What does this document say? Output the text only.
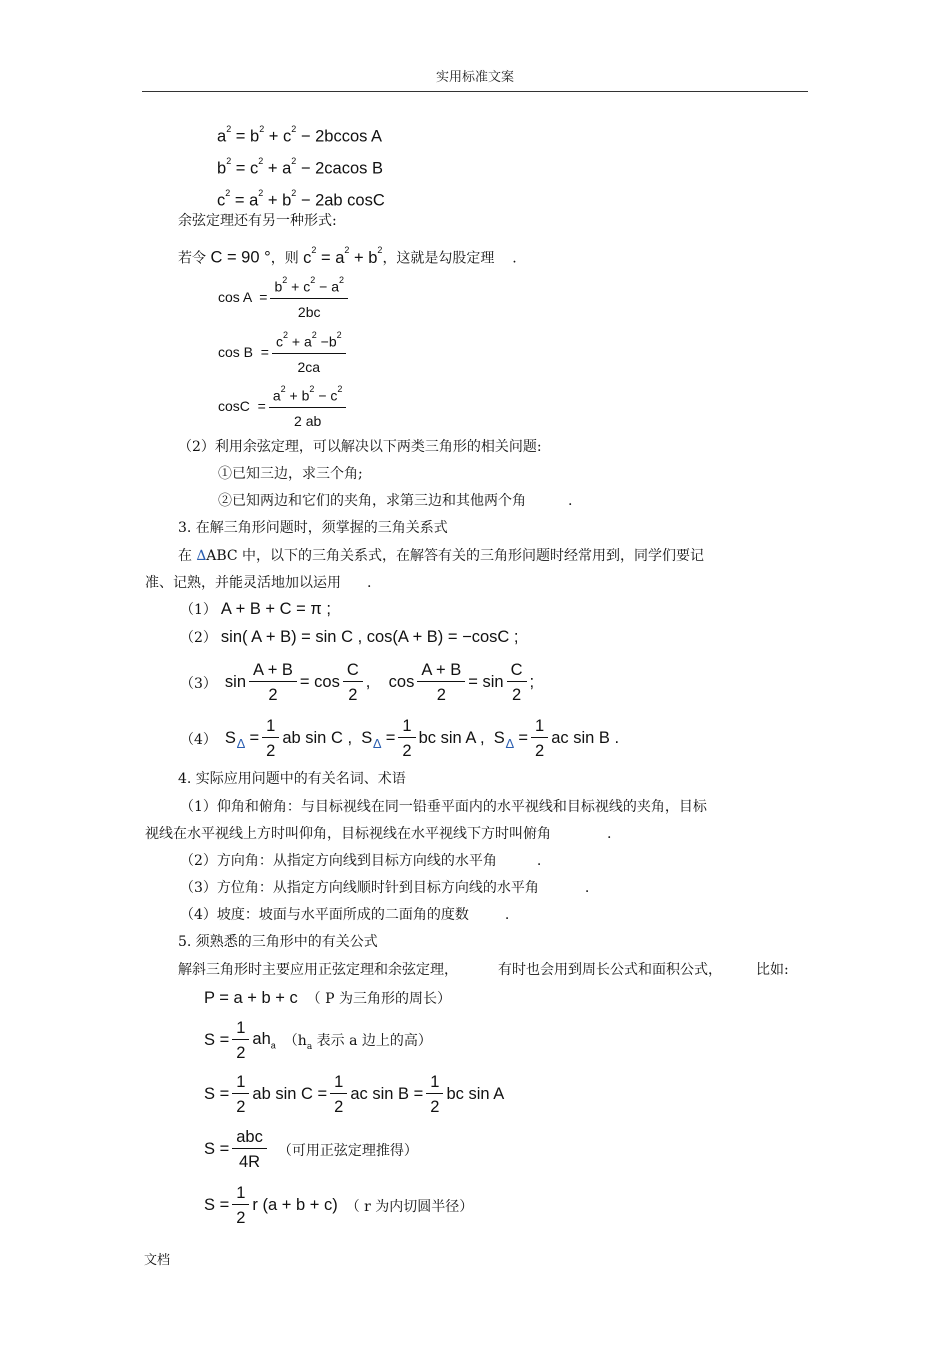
实用标准文案
$a^2 = b^2 + c^2 - 2bccos$ A
$b^2 = c^2 + a^2 - 2cacos$ B
$c^2 = a^2 + b^2 - 2ab$ cosC
余弦定理还有另一种形式:
若令 C = 90 °，则 $c^2 = a^2 + b^2$，这就是勾股定理 .
$\cos A = \frac{b^2 + c^2 - a^2}{2bc}$
$\cos B = \frac{c^2 + a^2 -b^2}{2ca}$
$\cos C = \frac{a^2 + b^2 - c^2}{2 ab}$
（2）利用余弦定理，可以解决以下两类三角形的相关问题:
①已知三边，求三个角;
②已知两边和它们的夹角，求第三边和其他两个角	.
3. 在解三角形问题时，须掌握的三角关系式
在 ∆ABC 中，以下的三角关系式，在解答有关的三角形问题时经常用到，同学们要记
准、记熟，并能灵活地加以运用 .
（1） A + B + C = π ;
（2） sin( A + B) = sin C , cos(A + B) = −cosC ;
（3） $\sin \frac{A + B}{2} = \cos \frac{C}{2}$ ,    $\cos \frac{A + B}{2} = \sin \frac{C}{2}$ ;
（4） $S_\Delta = \frac{1}{2}$ ab sin C ,  $S_\Delta = \frac{1}{2}$ bc sin A ,  $S_\Delta = \frac{1}{2}$ ac sin B .
4. 实际应用问题中的有关名词、术语
（1）仰角和俯角：与目标视线在同一铅垂平面内的水平视线和目标视线的夹角，目标
视线在水平视线上方时叫仰角，目标视线在水平视线下方时叫俯角	.
（2）方向角：从指定方向线到目标方向线的水平角	.
（3）方位角：从指定方向线顺时针到目标方向线的水平角	.
（4）坡度：坡面与水平面所成的二面角的度数	.
5. 须熟悉的三角形中的有关公式
解斜三角形时主要应用正弦定理和余弦定理，	有时也会用到周长公式和面积公式， 比如:
P = a + b + c （ P 为三角形的周长）
$S = \frac{1}{2} ah_a$ （$h_a$ 表示 a 边上的高）
$S = \frac{1}{2}$ ab $\sin C = \frac{1}{2}$ ac $\sin B = \frac{1}{2}$ bc sin A
$S = \frac{\text{abc}}{4R}$ （可用正弦定理推得）
$S = \frac{1}{2}$ r (a + b + c) （ r 为内切圆半径）
文档
